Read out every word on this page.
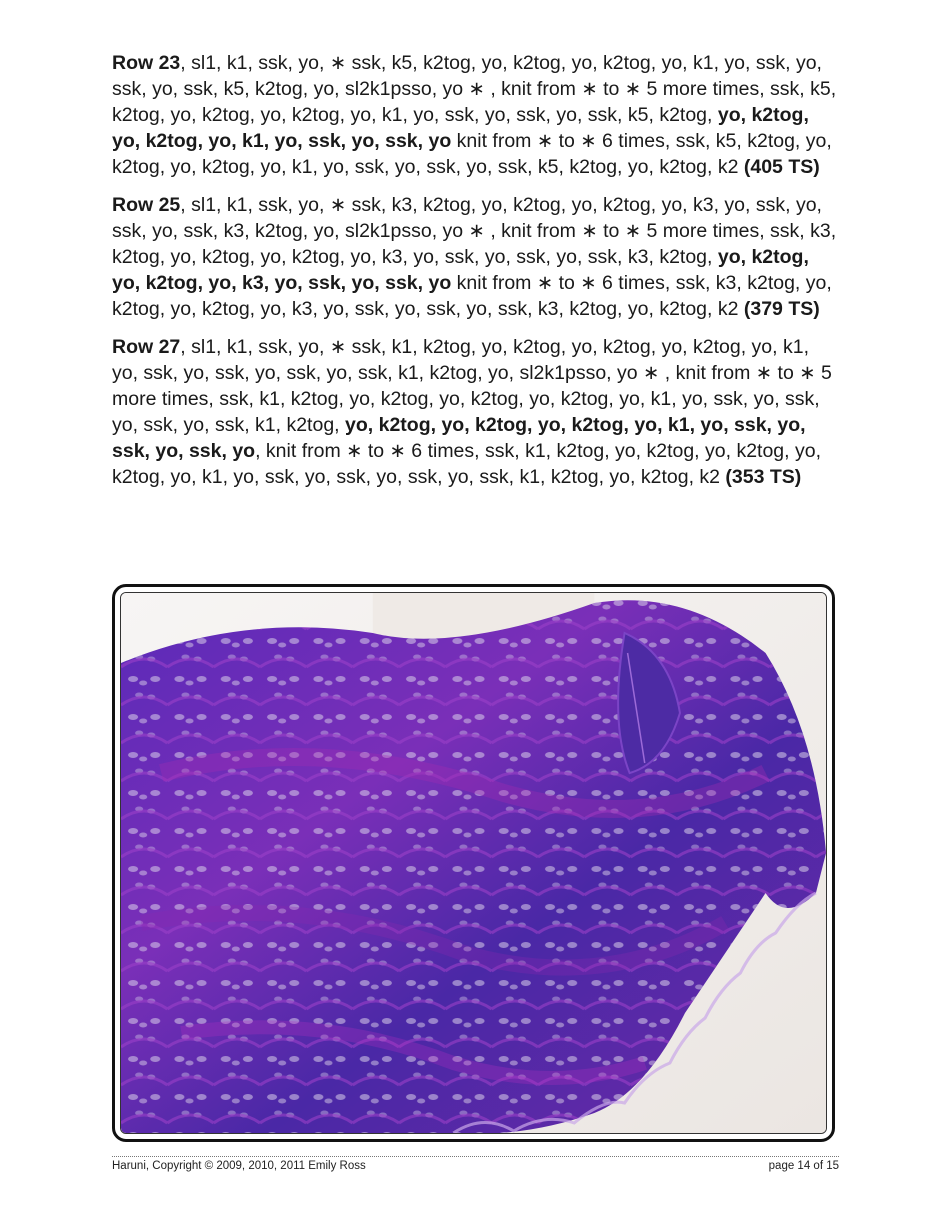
Row 23, sl1, k1, ssk, yo, ∗ ssk, k5, k2tog, yo, k2tog, yo, k2tog, yo, k1, yo, ssk, yo, ssk, yo, ssk, k5, k2tog, yo, sl2k1psso, yo ∗ , knit from ∗ to ∗ 5 more times, ssk, k5, k2tog, yo, k2tog, yo, k2tog, yo, k1, yo, ssk, yo, ssk, yo, ssk, k5, k2tog, yo, k2tog, yo, k2tog, yo, k1, yo, ssk, yo, ssk, yo knit from ∗ to ∗ 6 times, ssk, k5, k2tog, yo, k2tog, yo, k2tog, yo, k1, yo, ssk, yo, ssk, yo, ssk, k5, k2tog, yo, k2tog, k2 (405 TS)

Row 25, sl1, k1, ssk, yo, ∗ ssk, k3, k2tog, yo, k2tog, yo, k2tog, yo, k3, yo, ssk, yo, ssk, yo, ssk, k3, k2tog, yo, sl2k1psso, yo ∗ , knit from ∗ to ∗ 5 more times, ssk, k3, k2tog, yo, k2tog, yo, k2tog, yo, k3, yo, ssk, yo, ssk, yo, ssk, k3, k2tog, yo, k2tog, yo, k2tog, yo, k3, yo, ssk, yo, ssk, yo knit from ∗ to ∗ 6 times, ssk, k3, k2tog, yo, k2tog, yo, k2tog, yo, k3, yo, ssk, yo, ssk, yo, ssk, k3, k2tog, yo, k2tog, k2 (379 TS)

Row 27, sl1, k1, ssk, yo, ∗ ssk, k1, k2tog, yo, k2tog, yo, k2tog, yo, k2tog, yo, k1, yo, ssk, yo, ssk, yo, ssk, yo, ssk, k1, k2tog, yo, sl2k1psso, yo ∗ , knit from ∗ to ∗ 5 more times, ssk, k1, k2tog, yo, k2tog, yo, k2tog, yo, k2tog, yo, k1, yo, ssk, yo, ssk, yo, ssk, yo, ssk, k1, k2tog, yo, k2tog, yo, k2tog, yo, k2tog, yo, k1, yo, ssk, yo, ssk, yo, ssk, yo, knit from ∗ to ∗ 6 times, ssk, k1, k2tog, yo, k2tog, yo, k2tog, yo, k2tog, yo, k1, yo, ssk, yo, ssk, yo, ssk, yo, ssk, k1, k2tog, yo, k2tog, k2 (353 TS)

Haruni, Copyright © 2009, 2010, 2011 Emily Ross	page 14 of 15
